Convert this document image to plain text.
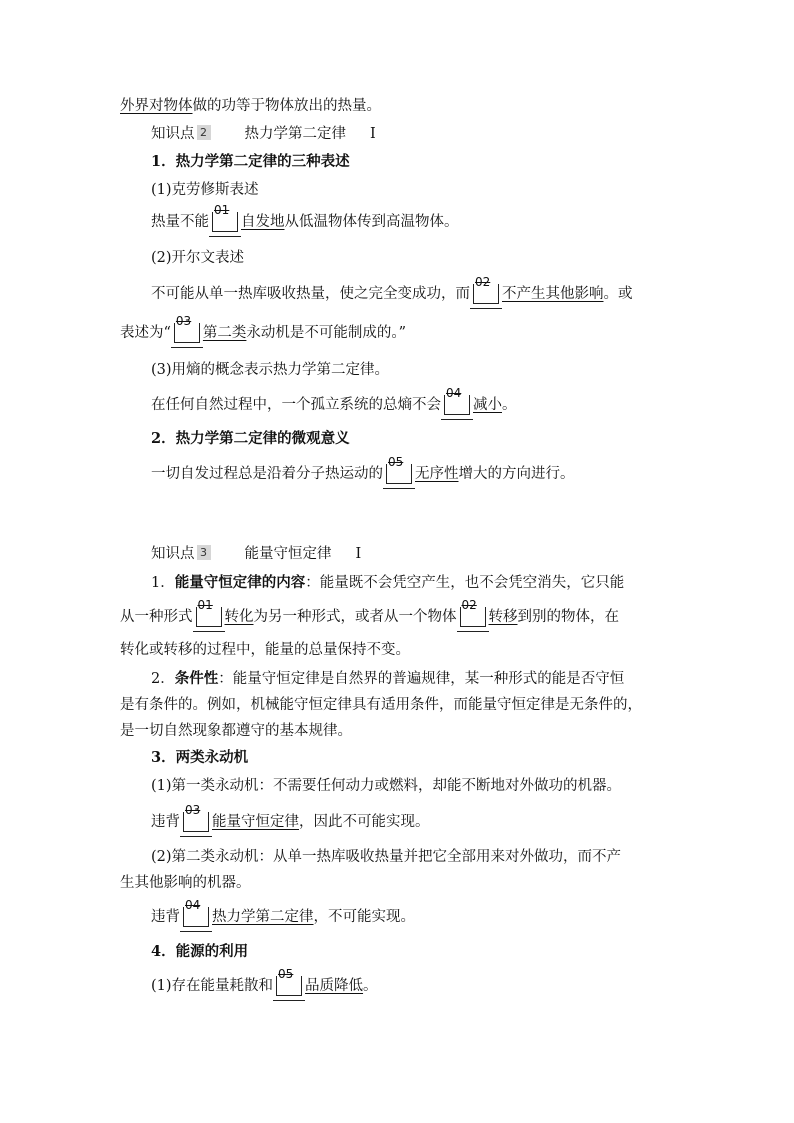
外界对物体做的功等于物体放出的热量。
知识点 2	热力学第二定律 Ⅰ
1．热力学第二定律的三种表述
(1)克劳修斯表述
热量不能
01
自发地从低温物体传到高温物体。
(2)开尔文表述
不可能从单一热库吸收热量，使之完全变成功，而
02
不产生其他影响。或
表述为“
03
第二类永动机是不可能制成的。”
(3)用熵的概念表示热力学第二定律。
在任何自然过程中，一个孤立系统的总熵不会
04
减小。
2．热力学第二定律的微观意义
一切自发过程总是沿着分子热运动的
05
无序性增大的方向进行。
知识点 3	能量守恒定律 Ⅰ
1．能量守恒定律的内容：能量既不会凭空产生，也不会凭空消失，它只能
从一种形式
01
转化为另一种形式，或者从一个物体
02
转移到别的物体，在
转化或转移的过程中，能量的总量保持不变。
2．条件性：能量守恒定律是自然界的普遍规律，某一种形式的能是否守恒
是有条件的。例如，机械能守恒定律具有适用条件，而能量守恒定律是无条件的，
是一切自然现象都遵守的基本规律。
3．两类永动机
(1)第一类永动机：不需要任何动力或燃料，却能不断地对外做功的机器。
违背
03
能量守恒定律，因此不可能实现。
(2)第二类永动机：从单一热库吸收热量并把它全部用来对外做功，而不产
生其他影响的机器。
违背
04
热力学第二定律，不可能实现。
4．能源的利用
(1)存在能量耗散和
05
品质降低。
